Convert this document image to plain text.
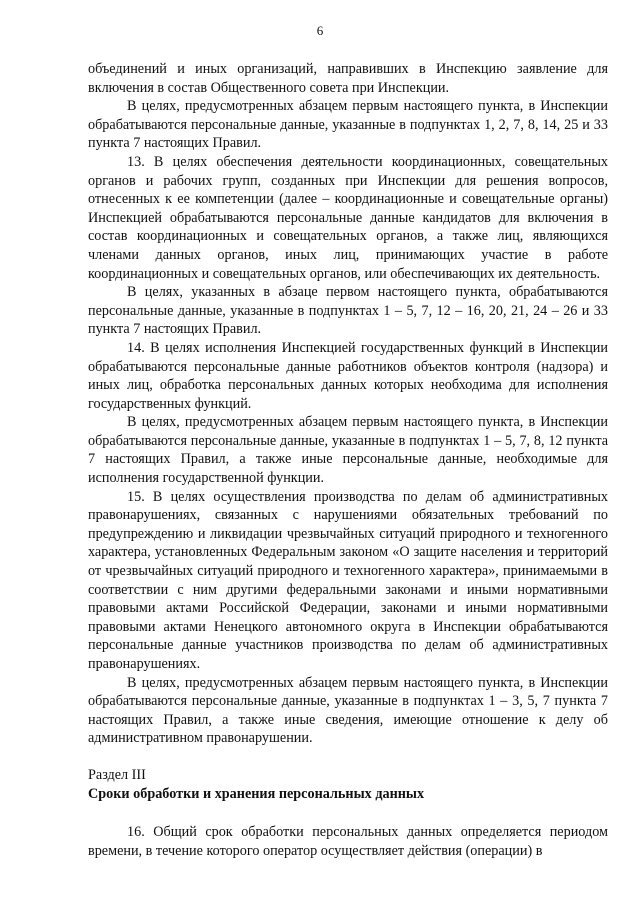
6

объединений и иных организаций, направивших в Инспекцию заявление для включения в состав Общественного совета при Инспекции.

В целях, предусмотренных абзацем первым настоящего пункта, в Инспекции обрабатываются персональные данные, указанные в подпунктах 1, 2, 7, 8, 14, 25 и 33 пункта 7 настоящих Правил.

13. В целях обеспечения деятельности координационных, совещательных органов и рабочих групп, созданных при Инспекции для решения вопросов, отнесенных к ее компетенции (далее – координационные и совещательные органы) Инспекцией обрабатываются персональные данные кандидатов для включения в состав координационных и совещательных органов, а также лиц, являющихся членами данных органов, иных лиц, принимающих участие в работе координационных и совещательных органов, или обеспечивающих их деятельность.

В целях, указанных в абзаце первом настоящего пункта, обрабатываются персональные данные, указанные в подпунктах 1 – 5, 7, 12 – 16, 20, 21, 24 – 26 и 33 пункта 7 настоящих Правил.

14. В целях исполнения Инспекцией государственных функций в Инспекции обрабатываются персональные данные работников объектов контроля (надзора) и иных лиц, обработка персональных данных которых необходима для исполнения государственных функций.

В целях, предусмотренных абзацем первым настоящего пункта, в Инспекции обрабатываются персональные данные, указанные в подпунктах 1 – 5, 7, 8, 12 пункта 7 настоящих Правил, а также иные персональные данные, необходимые для исполнения государственной функции.

15. В целях осуществления производства по делам об административных правонарушениях, связанных с нарушениями обязательных требований по предупреждению и ликвидации чрезвычайных ситуаций природного и техногенного характера, установленных Федеральным законом «О защите населения и территорий от чрезвычайных ситуаций природного и техногенного характера», принимаемыми в соответствии с ним другими федеральными законами и иными нормативными правовыми актами Российской Федерации, законами и иными нормативными правовыми актами Ненецкого автономного округа в Инспекции обрабатываются персональные данные участников производства по делам об административных правонарушениях.

В целях, предусмотренных абзацем первым настоящего пункта, в Инспекции обрабатываются персональные данные, указанные в подпунктах 1 – 3, 5, 7 пункта 7 настоящих Правил, а также иные сведения, имеющие отношение к делу об административном правонарушении.

Раздел III

Сроки обработки и хранения персональных данных

16. Общий срок обработки персональных данных определяется периодом времени, в течение которого оператор осуществляет действия (операции) в
